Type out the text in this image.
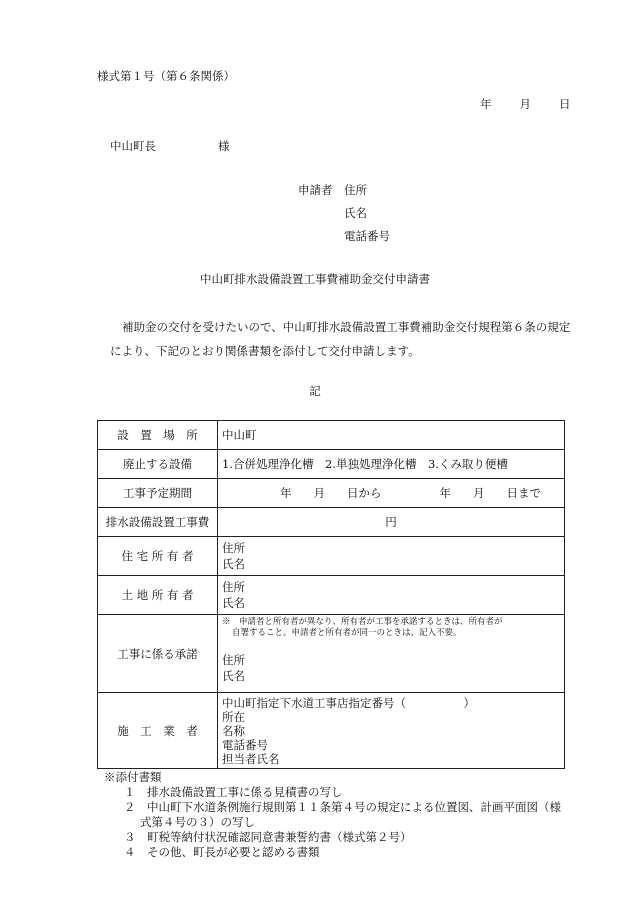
様式第１号（第６条関係）
年 月 日
中山町長	様
申請者 住所
氏名
電話番号
中山町排水設備設置工事費補助金交付申請書
補助金の交付を受けたいので、中山町排水設備設置工事費補助金交付規程第６条の規定により、下記のとおり関係書類を添付して交付申請します。
記
設　置　場　所	中山町
廃止する設備	1.合併処理浄化槽　2.単独処理浄化槽　3.くみ取り便槽
工事予定期間	年 月 日から 年 月 日まで
排水設備設置工事費	円
住 宅 所 有 者	住所
氏名

土 地 所 有 者	住所
氏名

工事に係る承諾	※　申請者と所有者が異なり、所有者が工事を承諾するときは、所有者が
自署すること。申請者と所有者が同一のときは、記入不要。
住所
氏名

施　工　業　者	中山町指定下水道工事店指定番号（　　　　　）
所在
名称
電話番号
担当者氏名
※添付書類
１　排水設備設置工事に係る見積書の写し
２　中山町下水道条例施行規則第１１条第４号の規定による位置図、計画平面図（様
式第４号の３）の写し
３　町税等納付状況確認同意書兼誓約書（様式第２号）
４　その他、町長が必要と認める書類
